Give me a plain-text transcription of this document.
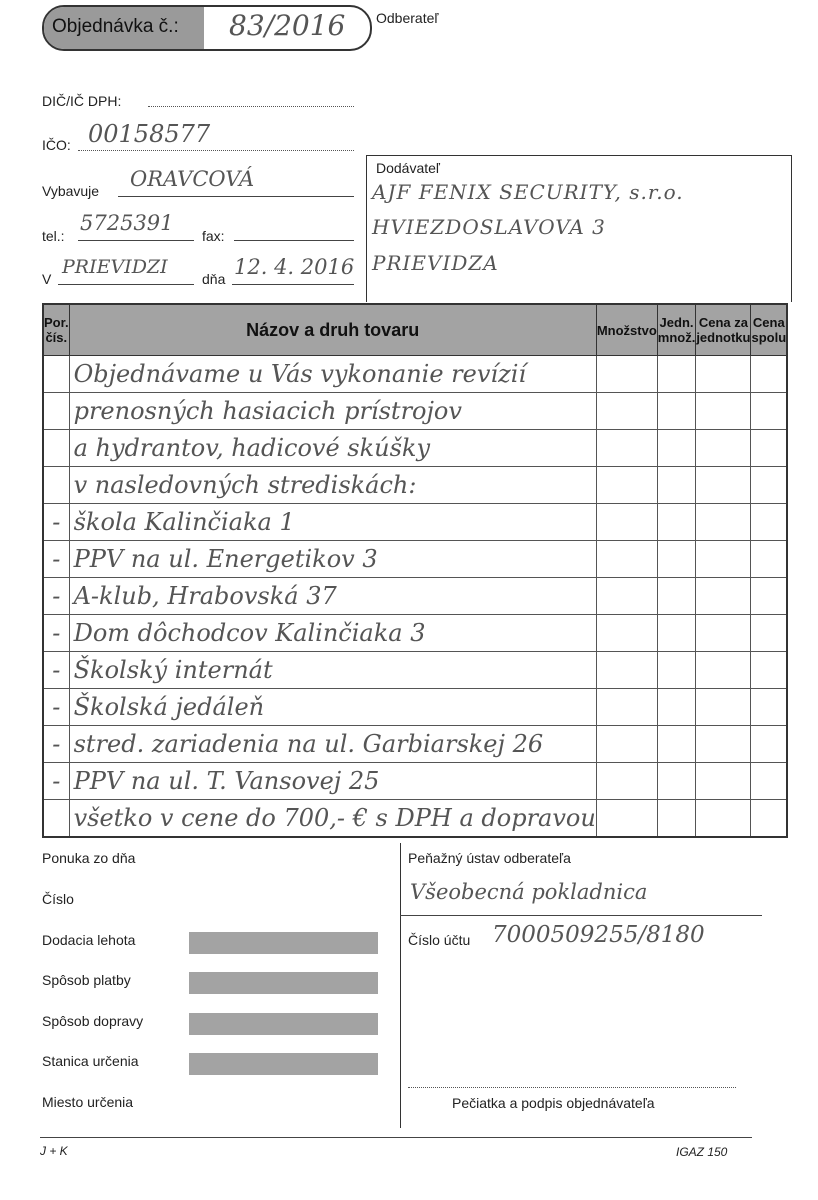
Objednávka č.: 83/2016 Odberateľ
DIČ/IČ DPH:
IČO: 00158577
Vybavuje ORAVCOVÁ
tel.:
5725391
fax:
V
PRIEVIDZI
dňa 12. 4. 2016
Dodávateľ
AJF FENIX SECURITY, s.r.o.
HVIEZDOSLAVOVA 3
PRIEVIDZA
Por. čís.	Názov a druh tovaru	Množstvo	Jedn. množ.	Cena za jednotku	Cena spolu
	Objednávame u Vás vykonanie revízií				
	prenosných hasiacich prístrojov				
	a hydrantov, hadicové skúšky				
	v nasledovných strediskách:				
-	škola Kalinčiaka 1				
-	PPV na ul. Energetikov 3				
-	A-klub, Hrabovská 37				
-	Dom dôchodcov Kalinčiaka 3				
-	Školský internát				
-	Školská jedáleň				
-	stred. zariadenia na ul. Garbiarskej 26				
-	PPV na ul. T. Vansovej 25				
	všetko v cene do 700,- € s DPH a dopravou				
Ponuka zo dňa
Číslo
Dodacia lehota
Spôsob platby
Spôsob dopravy
Stanica určenia
Miesto určenia
Peňažný ústav odberateľa
Všeobecná pokladnica
Číslo účtu 7000509255/8180
Pečiatka a podpis objednávateľa
J + K	IGAZ 150
